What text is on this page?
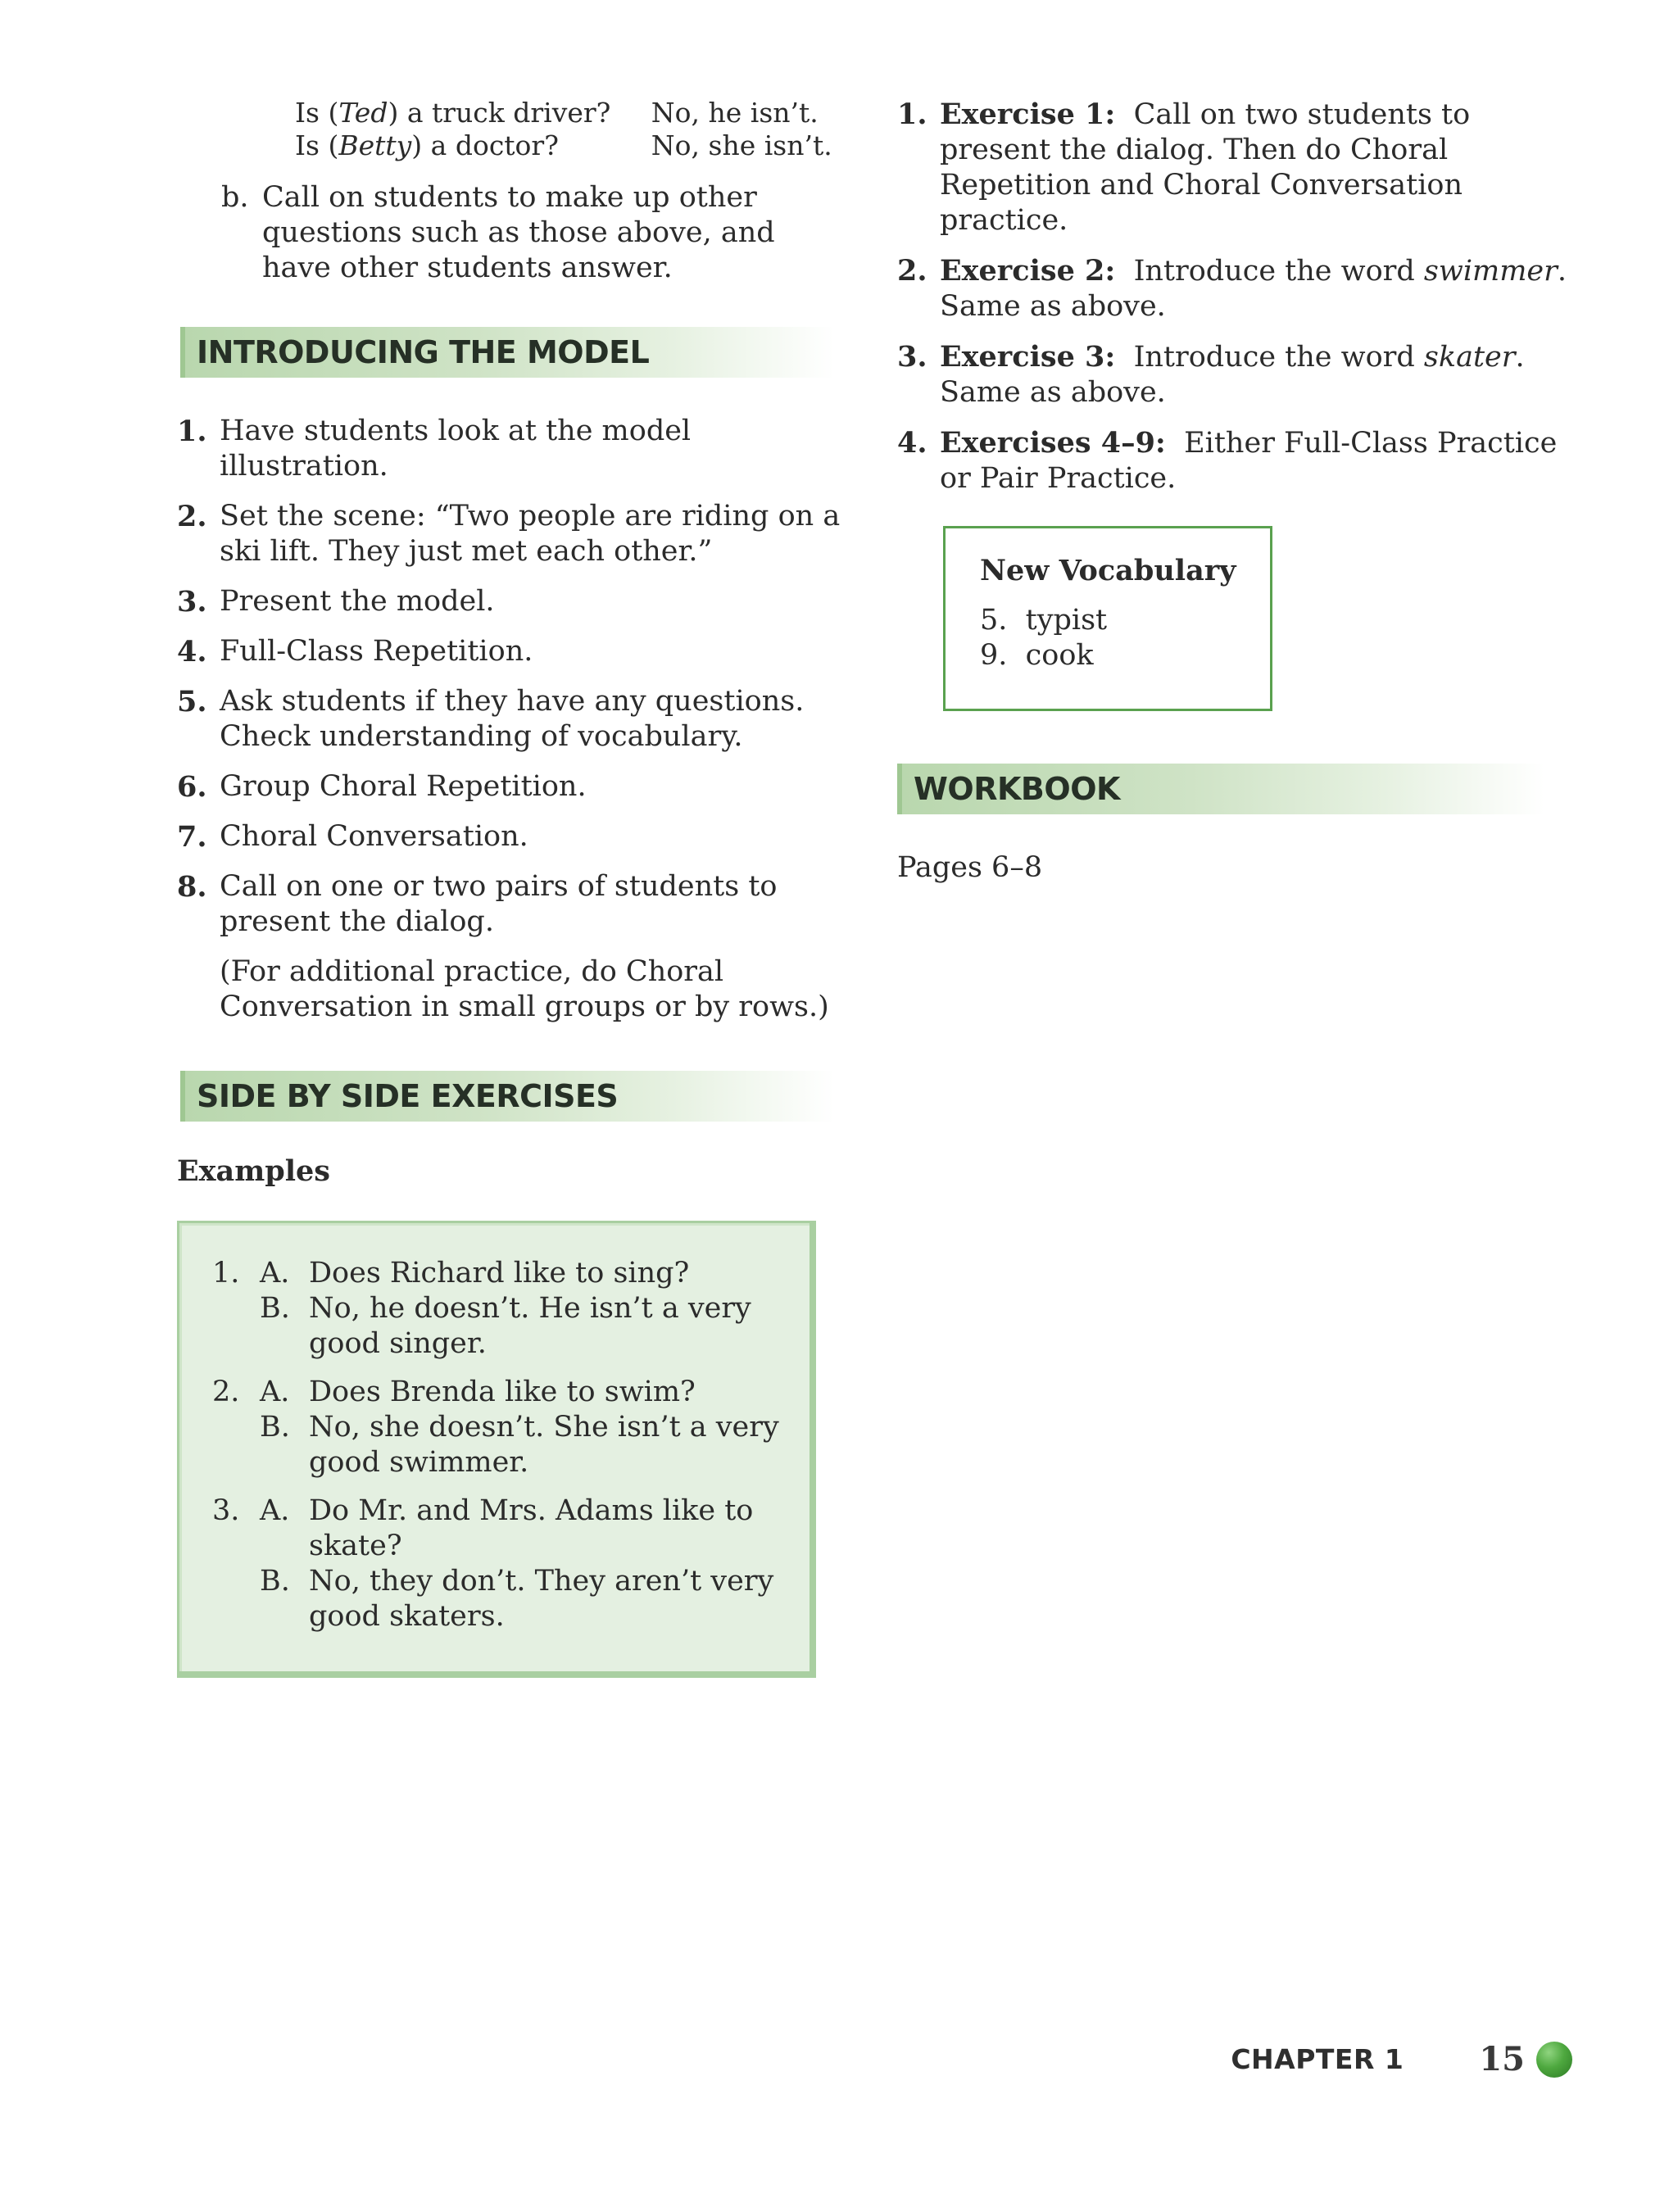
Is (Ted) a truck driver?	No, he isn’t.
Is (Betty) a doctor?	No, she isn’t.
b. Call on students to make up other questions such as those above, and have other students answer.
INTRODUCING THE MODEL
1. Have students look at the model illustration.
2. Set the scene: “Two people are riding on a ski lift. They just met each other.”
3. Present the model.
4. Full-Class Repetition.
5. Ask students if they have any questions. Check understanding of vocabulary.
6. Group Choral Repetition.
7. Choral Conversation.
8. Call on one or two pairs of students to present the dialog.
(For additional practice, do Choral Conversation in small groups or by rows.)
SIDE BY SIDE EXERCISES
Examples
1. A. Does Richard like to sing?
B. No, he doesn’t. He isn’t a very
good singer.
2. A. Does Brenda like to swim?
B. No, she doesn’t. She isn’t a very
good swimmer.
3. A. Do Mr. and Mrs. Adams like to
skate?
B. No, they don’t. They aren’t very
good skaters.
1. Exercise 1: Call on two students to present the dialog. Then do Choral Repetition and Choral Conversation practice.
2. Exercise 2: Introduce the word swimmer. Same as above.
3. Exercise 3: Introduce the word skater. Same as above.
4. Exercises 4–9: Either Full-Class Practice or Pair Practice.
New Vocabulary
5.  typist
9.  cook
WORKBOOK
Pages 6–8
CHAPTER 1 15
